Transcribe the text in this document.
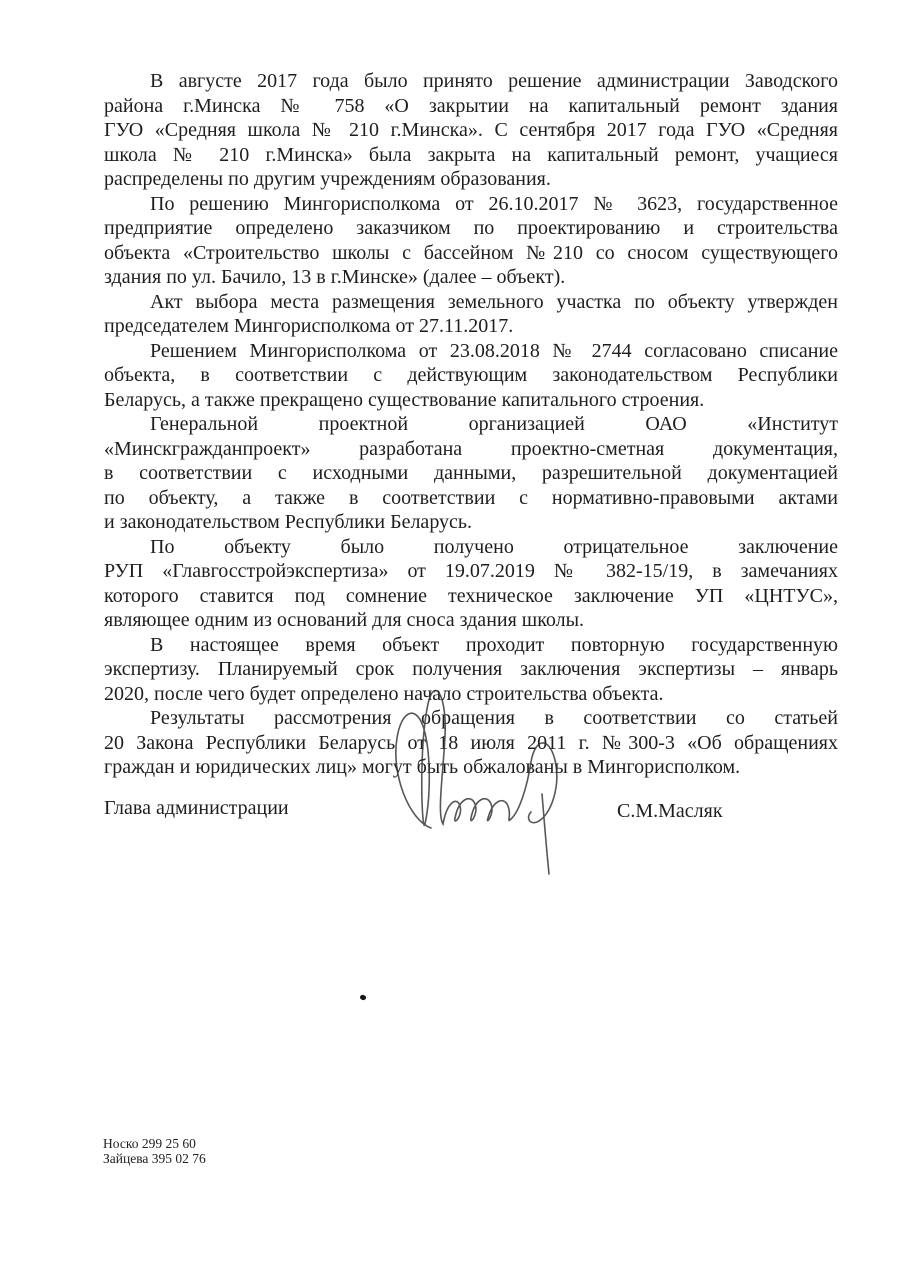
В августе 2017 года было принято решение администрации Заводского
района г.Минска № 758 «О закрытии на капитальный ремонт здания
ГУО «Средняя школа № 210 г.Минска». С сентября 2017 года ГУО «Средняя
школа № 210 г.Минска» была закрыта на капитальный ремонт, учащиеся
распределены по другим учреждениям образования.

По решению Мингорисполкома от 26.10.2017 № 3623, государственное
предприятие определено заказчиком по проектированию и строительства
объекта «Строительство школы с бассейном №210 со сносом существующего
здания по ул. Бачило, 13 в г.Минске» (далее – объект).

Акт выбора места размещения земельного участка по объекту утвержден
председателем Мингорисполкома от 27.11.2017.

Решением Мингорисполкома от 23.08.2018 № 2744 согласовано списание
объекта, в соответствии с действующим законодательством Республики
Беларусь, а также прекращено существование капитального строения.

Генеральной проектной организацией ОАО «Институт
«Минскгражданпроект» разработана проектно-сметная документация,
в соответствии с исходными данными, разрешительной документацией
по объекту, а также в соответствии с нормативно-правовыми актами
и законодательством Республики Беларусь.

По объекту было получено отрицательное заключение
РУП «Главгосстройэкспертиза» от 19.07.2019 № 382-15/19, в замечаниях
которого ставится под сомнение техническое заключение УП «ЦНТУС»,
являющее одним из оснований для сноса здания школы.

В настоящее время объект проходит повторную государственную
экспертизу. Планируемый срок получения заключения экспертизы – январь
2020, после чего будет определено начало строительства объекта.

Результаты рассмотрения обращения в соответствии со статьей
20 Закона Республики Беларусь от 18 июля 2011 г. №300-3 «Об обращениях
граждан и юридических лиц» могут быть обжалованы в Мингорисполком.

Глава администрации	С.М.Масляк
Носко 299 25 60
Зайцева 395 02 76
